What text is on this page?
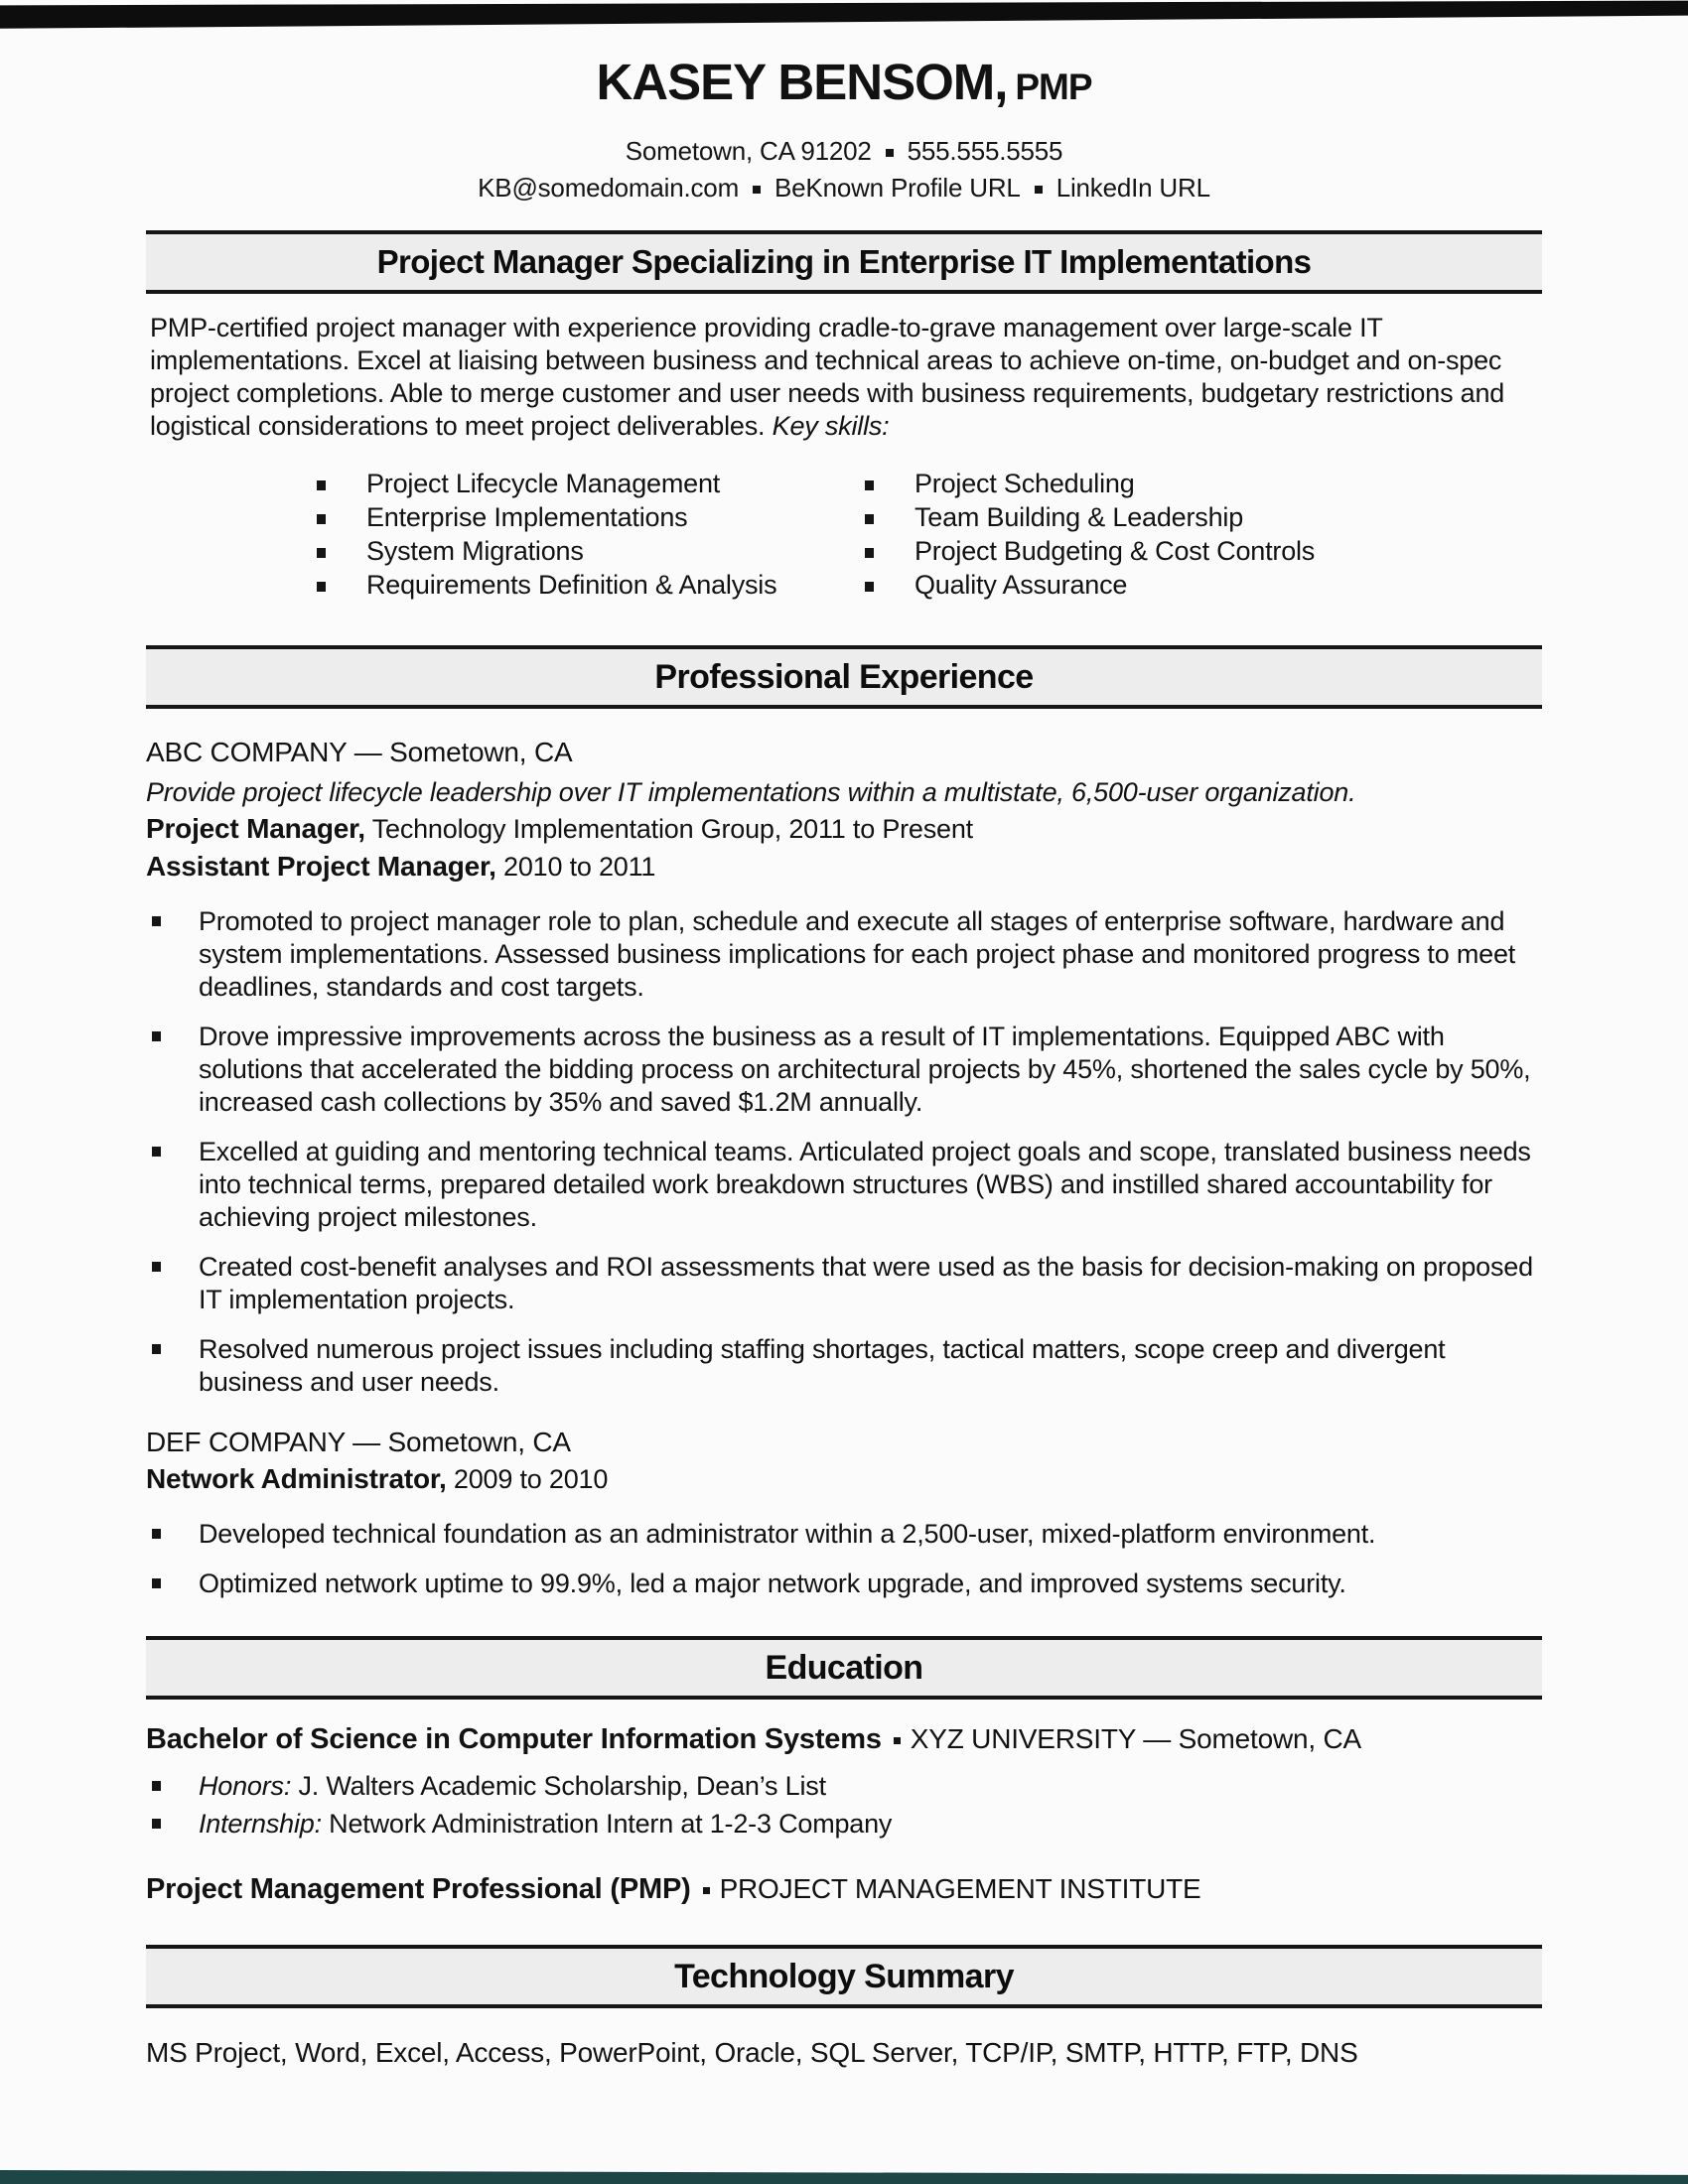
KASEY BENSOM, PMP
Sometown, CA 91202 555.555.5555
KB@somedomain.com BeKnown Profile URL LinkedIn URL
Project Manager Specializing in Enterprise IT Implementations

PMP-certified project manager with experience providing cradle-to-grave management over large-scale IT implementations. Excel at liaising between business and technical areas to achieve on-time, on-budget and on-spec project completions. Able to merge customer and user needs with business requirements, budgetary restrictions and logistical considerations to meet project deliverables. Key skills:

Project Lifecycle Management
Enterprise Implementations
System Migrations
Requirements Definition & Analysis
Project Scheduling
Team Building & Leadership
Project Budgeting & Cost Controls
Quality Assurance
Professional Experience
ABC COMPANY — Sometown, CA
Provide project lifecycle leadership over IT implementations within a multistate, 6,500-user organization.
Project Manager, Technology Implementation Group, 2011 to Present
Assistant Project Manager, 2010 to 2011
Promoted to project manager role to plan, schedule and execute all stages of enterprise software, hardware and system implementations. Assessed business implications for each project phase and monitored progress to meet deadlines, standards and cost targets.
Drove impressive improvements across the business as a result of IT implementations. Equipped ABC with solutions that accelerated the bidding process on architectural projects by 45%, shortened the sales cycle by 50%, increased cash collections by 35% and saved $1.2M annually.
Excelled at guiding and mentoring technical teams. Articulated project goals and scope, translated business needs into technical terms, prepared detailed work breakdown structures (WBS) and instilled shared accountability for achieving project milestones.
Created cost-benefit analyses and ROI assessments that were used as the basis for decision-making on proposed IT implementation projects.
Resolved numerous project issues including staffing shortages, tactical matters, scope creep and divergent business and user needs.
DEF COMPANY — Sometown, CA
Network Administrator, 2009 to 2010
Developed technical foundation as an administrator within a 2,500-user, mixed-platform environment.
Optimized network uptime to 99.9%, led a major network upgrade, and improved systems security.
Education
Bachelor of Science in Computer Information Systems XYZ UNIVERSITY — Sometown, CA
Honors: J. Walters Academic Scholarship, Dean’s List
Internship: Network Administration Intern at 1-2-3 Company
Project Management Professional (PMP) PROJECT MANAGEMENT INSTITUTE
Technology Summary

MS Project, Word, Excel, Access, PowerPoint, Oracle, SQL Server, TCP/IP, SMTP, HTTP, FTP, DNS
